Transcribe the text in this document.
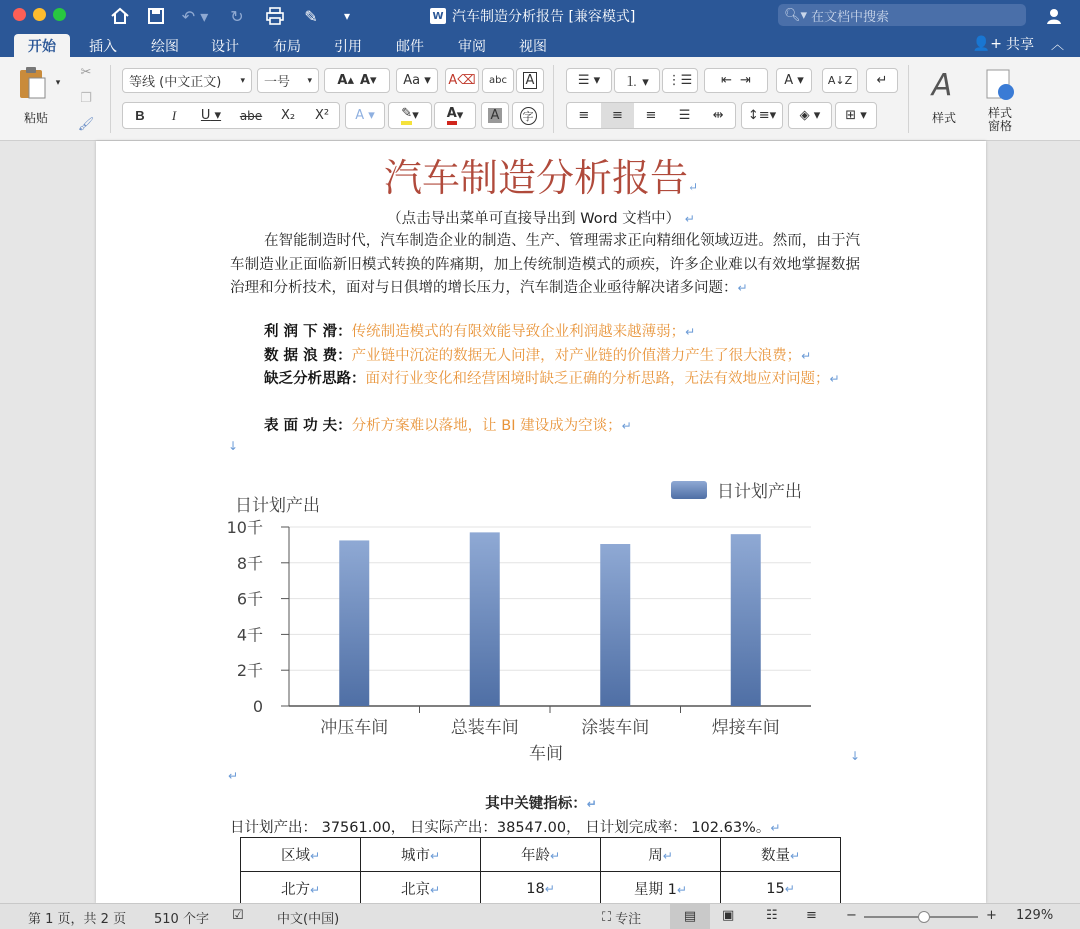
↶ ▾	↻	✎	▾	W 汽车制造分析报告 [兼容模式]	🔍︎▾ 在文档中搜索
开始	插入	绘图	设计	布局	引用	邮件	审阅	视图	👤+ 共享 ︿
▾
粘贴
✂
❐
🖌︎
等线 (中文正文) ▾ 一号 ▾ A▴ A▾	Aa ▾	A⌫	abc	A
B	I	U ▾	abe	X₂	X²	A ▾	✎ ▾	A ▾	A 字
☰ ▾	⒈ ▾	⋮☰	⇤ ⇥	A ▾	A↓Z	↵
≡	≡	≡	☰	⇹	↕≡▾	◈ ▾	⊞ ▾
A
样式	样式
窗格
汽车制造分析报告↵
（点击导出菜单可直接导出到 Word 文档中） ↵
在智能制造时代，汽车制造企业的制造、生产、管理需求正向精细化领域迈进。然而，由于汽车制造业正面临新旧模式转换的阵痛期，加上传统制造模式的顽疾，许多企业难以有效地掌握数据治理和分析技术，面对与日俱增的增长压力，汽车制造企业亟待解决诸多问题：↵
利 润 下 滑：传统制造模式的有限效能导致企业利润越来越薄弱；↵
数 据 浪 费：产业链中沉淀的数据无人问津，对产业链的价值潜力产生了很大浪费；↵
缺乏分析思路：面对行业变化和经营困境时缺乏正确的分析思路，无法有效地应对问题；↵
表 面 功 夫：分析方案难以落地，让 BI 建设成为空谈；↵
↓
日计划产出
日计划产出
0
2千
4千
6千
8千
10千
冲压车间	总装车间	涂装车间	焊接车间
车间	↓
↵
其中关键指标：↵
日计划产出： 37561.00， 日实际产出：38547.00， 日计划完成率： 102.63%。↵
区域↵	城市↵	年龄↵	周↵	数量↵
北方↵	北京↵	18↵	星期 1↵	15↵
第 1 页，共 2 页 510 个字 ☑	中文(中国)	⛶ 专注	▤	▣ ☷ ≡ −	+ 129%
